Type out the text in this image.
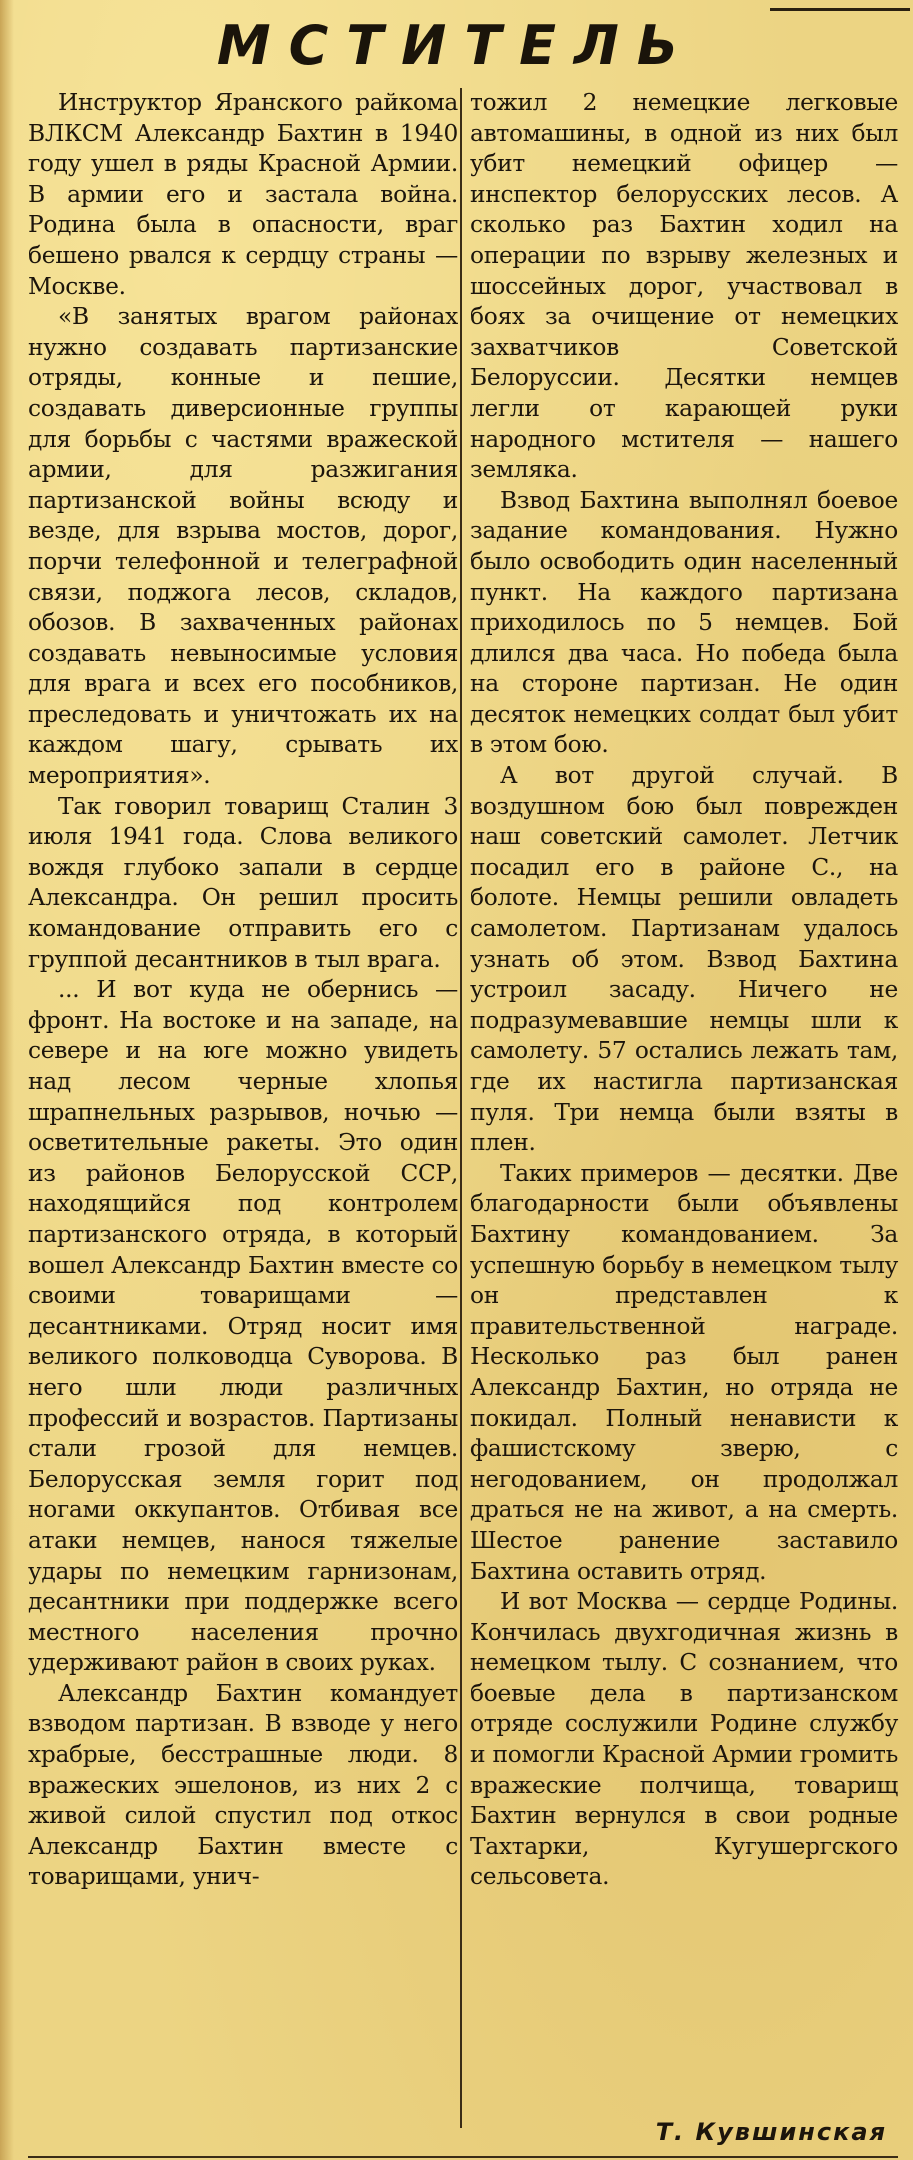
МСТИТЕЛЬ

Инструктор Яранского райкома ВЛКСМ Александр Бахтин в 1940 году ушел в ряды Красной Армии. В армии его и застала война. Родина была в опасности, враг бешено рвался к сердцу страны — Москве.

«В занятых врагом районах нужно создавать партизанские отряды, конные и пешие, создавать диверсионные группы для борьбы с частями вражеской армии, для разжигания партизанской войны всюду и везде, для взрыва мостов, дорог, порчи телефонной и телеграфной связи, поджога лесов, складов, обозов. В захваченных районах создавать невыносимые условия для врага и всех его пособников, преследовать и уничтожать их на каждом шагу, срывать их мероприятия».

Так говорил товарищ Сталин 3 июля 1941 года. Слова великого вождя глубоко запали в сердце Александра. Он решил просить командование отправить его с группой десантников в тыл врага.

... И вот куда не обернись — фронт. На востоке и на западе, на севере и на юге можно увидеть над лесом черные хлопья шрапнельных разрывов, ночью — осветительные ракеты. Это один из районов Белорусской ССР, находящийся под контролем партизанского отряда, в который вошел Александр Бахтин вместе со своими товарищами — десантниками. Отряд носит имя великого полководца Суворова. В него шли люди различных профессий и возрастов. Партизаны стали грозой для немцев. Белорусская земля горит под ногами оккупантов. Отбивая все атаки немцев, нанося тяжелые удары по немецким гарнизонам, десантники при поддержке всего местного населения прочно удерживают район в своих руках.

Александр Бахтин командует взводом партизан. В взводе у него храбрые, бесстрашные люди. 8 вражеских эшелонов, из них 2 с живой силой спустил под откос Александр Бахтин вместе с товарищами, унич-

тожил 2 немецкие легковые автомашины, в одной из них был убит немецкий офицер — инспектор белорусских лесов. А сколько раз Бахтин ходил на операции по взрыву железных и шоссейных дорог, участвовал в боях за очищение от немецких захватчиков Советской Белоруссии. Десятки немцев легли от карающей руки народного мстителя — нашего земляка.

Взвод Бахтина выполнял боевое задание командования. Нужно было освободить один населенный пункт. На каждого партизана приходилось по 5 немцев. Бой длился два часа. Но победа была на стороне партизан. Не один десяток немецких солдат был убит в этом бою.

А вот другой случай. В воздушном бою был поврежден наш советский самолет. Летчик посадил его в районе С., на болоте. Немцы решили овладеть самолетом. Партизанам удалось узнать об этом. Взвод Бахтина устроил засаду. Ничего не подразумевавшие немцы шли к самолету. 57 остались лежать там, где их настигла партизанская пуля. Три немца были взяты в плен.

Таких примеров — десятки. Две благодарности были объявлены Бахтину командованием. За успешную борьбу в немецком тылу он представлен к правительственной награде. Несколько раз был ранен Александр Бахтин, но отряда не покидал. Полный ненависти к фашистскому зверю, с негодованием, он продолжал драться не на живот, а на смерть. Шестое ранение заставило Бахтина оставить отряд.

И вот Москва — сердце Родины. Кончилась двухгодичная жизнь в немецком тылу. С сознанием, что боевые дела в партизанском отряде сослужили Родине службу и помогли Красной Армии громить вражеские полчища, товарищ Бахтин вернулся в свои родные Тахтарки, Кугушергского сельсовета.

Т. Кувшинская
